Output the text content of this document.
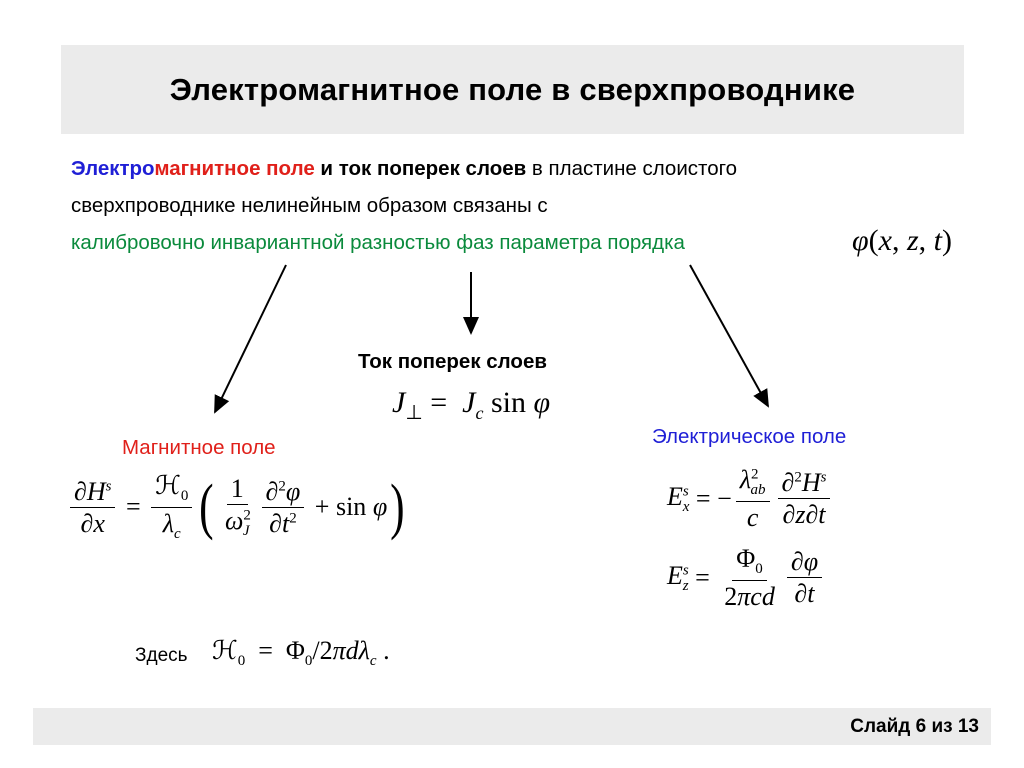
Электромагнитное поле в сверхпроводнике
Электромагнитное поле и ток поперек слоев в пластине слоистого
сверхпроводнике нелинейным образом связаны с
калибровочно инвариантной разностью фаз параметра порядка	φ(x, z, t)
Ток поперек слоев
$J_\perp = J_c$ sin φ
Магнитное поле
$\frac{\partial H^s}{\partial x} = \frac{ℋ_0}{\lambda_c}$ ( $\frac{1}{\omega^2_J} \frac{\partial^2\varphi}{\partial t^2} + \sin \varphi$ )
Электрическое поле
$E^s_x$ = − $\frac{\lambda^2_{ab}}{c} \frac{\partial^2H^s}{\partial z\partial t}$
$E^s_z = \frac{\Phi_0}{\text{2πcd}} \frac{\partial\varphi}{\partial t}$
Здесь ℋ$_0$  =  $\Phi_0/2\pi d\lambda_c$ .
Слайд 6 из 13
